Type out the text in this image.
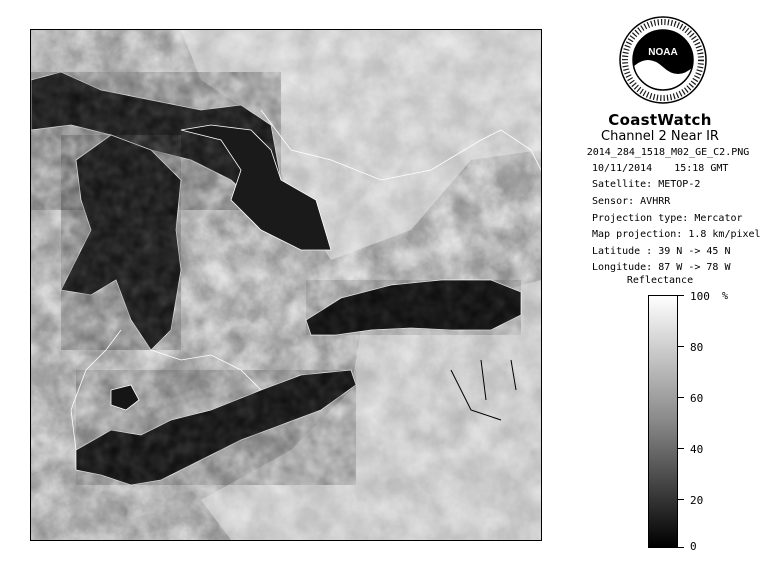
NOAA
CoastWatch
Channel 2 Near IR
2014_284_1518_M02_GE_C2.PNG
10/11/2014 15:18 GMT
Satellite: METOP-2
Sensor: AVHRR
Projection type: Mercator
Map projection: 1.8 km/pixel
Latitude : 39 N -> 45 N
Longitude: 87 W -> 78 W
Reflectance
%
100
80
60
40
20
0
